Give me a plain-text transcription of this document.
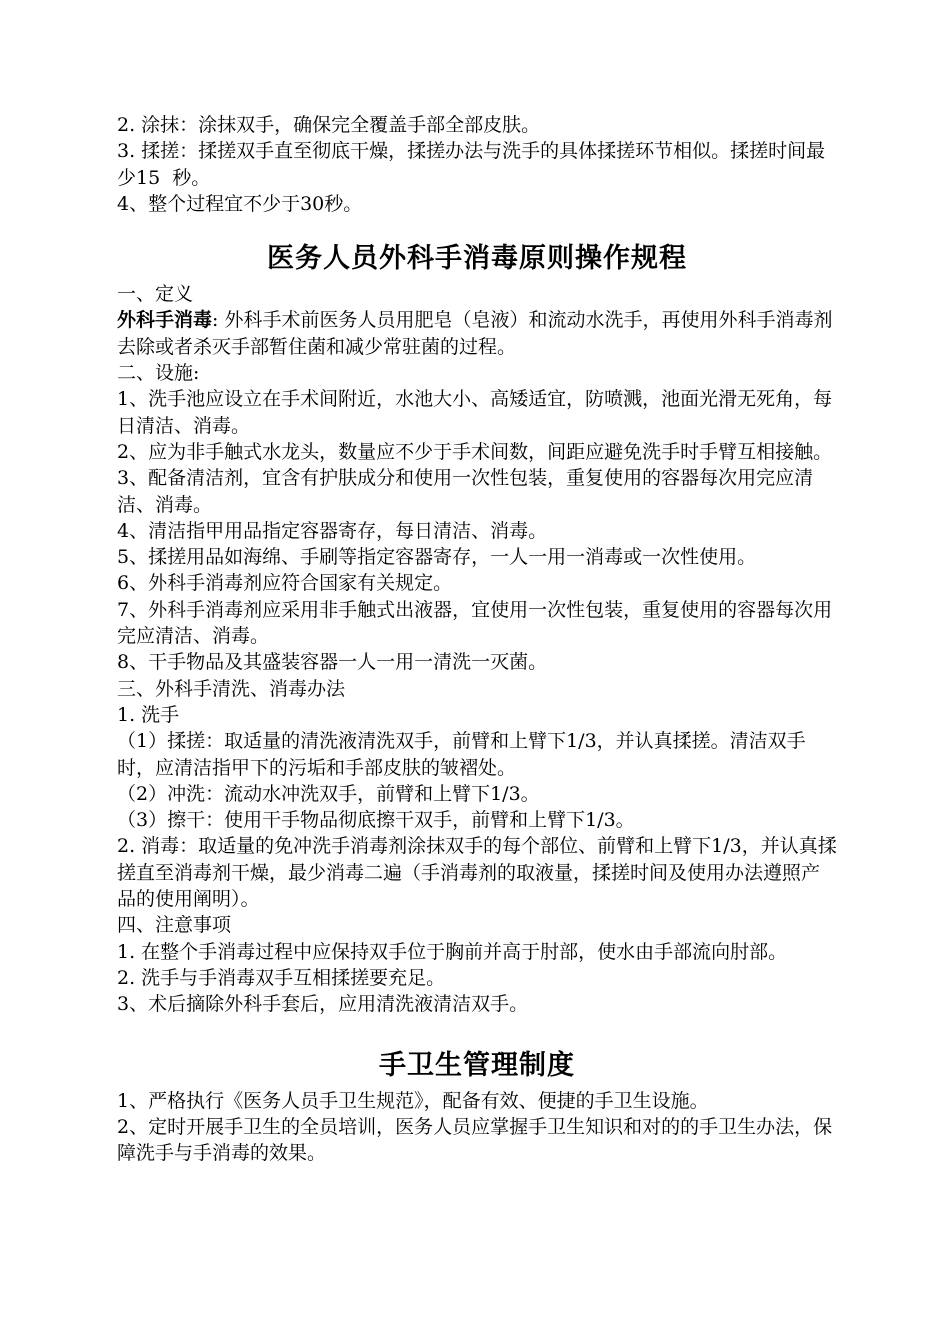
2. 涂抹：涂抹双手，确保完全覆盖手部全部皮肤。

3. 揉搓：揉搓双手直至彻底干燥，揉搓办法与洗手的具体揉搓环节相似。揉搓时间最少15  秒。

4、整个过程宜不少于30秒。

医务人员外科手消毒原则操作规程

一、定义

外科手消毒: 外科手术前医务人员用肥皂（皂液）和流动水洗手，再使用外科手消毒剂去除或者杀灭手部暂住菌和减少常驻菌的过程。

二、设施:

1、洗手池应设立在手术间附近，水池大小、高矮适宜，防喷溅，池面光滑无死角，每日清洁、消毒。

2、应为非手触式水龙头，数量应不少于手术间数，间距应避免洗手时手臂互相接触。

3、配备清洁剂，宜含有护肤成分和使用一次性包装，重复使用的容器每次用完应清洁、消毒。

4、清洁指甲用品指定容器寄存，每日清洁、消毒。

5、揉搓用品如海绵、手刷等指定容器寄存，一人一用一消毒或一次性使用。

6、外科手消毒剂应符合国家有关规定。

7、外科手消毒剂应采用非手触式出液器，宜使用一次性包装，重复使用的容器每次用完应清洁、消毒。

8、干手物品及其盛装容器一人一用一清洗一灭菌。

三、外科手清洗、消毒办法

1. 洗手

（1）揉搓：取适量的清洗液清洗双手，前臂和上臂下1/3，并认真揉搓。清洁双手时，应清洁指甲下的污垢和手部皮肤的皱褶处。

（2）冲洗：流动水冲洗双手，前臂和上臂下1/3。

（3）擦干：使用干手物品彻底擦干双手，前臂和上臂下1/3。

2. 消毒：取适量的免冲洗手消毒剂涂抹双手的每个部位、前臂和上臂下1/3，并认真揉搓直至消毒剂干燥，最少消毒二遍（手消毒剂的取液量，揉搓时间及使用办法遵照产品的使用阐明）。

四、注意事项

1. 在整个手消毒过程中应保持双手位于胸前并高于肘部，使水由手部流向肘部。

2. 洗手与手消毒双手互相揉搓要充足。

3、术后摘除外科手套后，应用清洗液清洁双手。

手卫生管理制度

1、严格执行《医务人员手卫生规范》，配备有效、便捷的手卫生设施。

2、定时开展手卫生的全员培训，医务人员应掌握手卫生知识和对的的手卫生办法，保障洗手与手消毒的效果。
